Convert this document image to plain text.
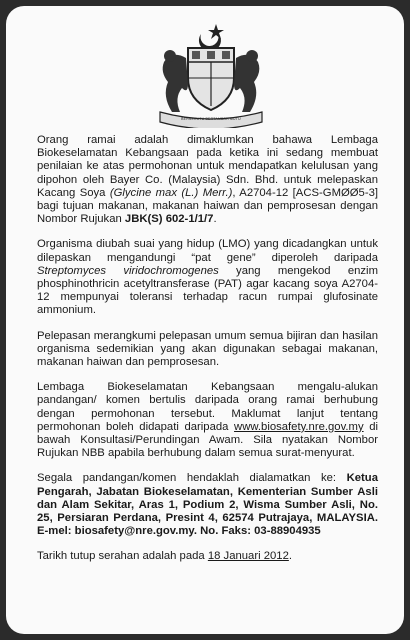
BERSEKUTU BERTAMBAH MUTU

Orang ramai adalah dimaklumkan bahawa Lembaga Biokeselamatan Kebangsaan pada ketika ini sedang membuat penilaian ke atas permohonan untuk mendapatkan kelulusan yang dipohon oleh Bayer Co. (Malaysia) Sdn. Bhd. untuk melepaskan Kacang Soya (Glycine max (L.) Merr.), A2704-12 [ACS-GMØØ5-3] bagi tujuan makanan, makanan haiwan dan pemprosesan dengan Nombor Rujukan JBK(S) 602-1/1/7.

Organisma diubah suai yang hidup (LMO) yang dicadangkan untuk dilepaskan mengandungi “pat gene” diperoleh daripada Streptomyces viridochromogenes yang mengekod enzim phosphinothricin acetyltransferase (PAT) agar kacang soya A2704-12 mempunyai toleransi terhadap racun rumpai glufosinate ammonium.

Pelepasan merangkumi pelepasan umum semua bijiran dan hasilan organisma sedemikian yang akan digunakan sebagai makanan, makanan haiwan dan pemprosesan.

Lembaga Biokeselamatan Kebangsaan mengalu-alukan pandangan/ komen bertulis daripada orang ramai berhubung dengan permohonan tersebut. Maklumat lanjut tentang permohonan boleh didapati daripada www.biosafety.nre.gov.my di bawah Konsultasi/Perundingan Awam. Sila nyatakan Nombor Rujukan NBB apabila berhubung dalam semua surat-menyurat.

Segala pandangan/komen hendaklah dialamatkan ke: Ketua Pengarah, Jabatan Biokeselamatan, Kementerian Sumber Asli dan Alam Sekitar, Aras 1, Podium 2, Wisma Sumber Asli, No. 25, Persiaran Perdana, Presint 4, 62574 Putrajaya, MALAYSIA. E-mel: biosafety@nre.gov.my. No. Faks: 03-88904935

Tarikh tutup serahan adalah pada 18 Januari 2012.
